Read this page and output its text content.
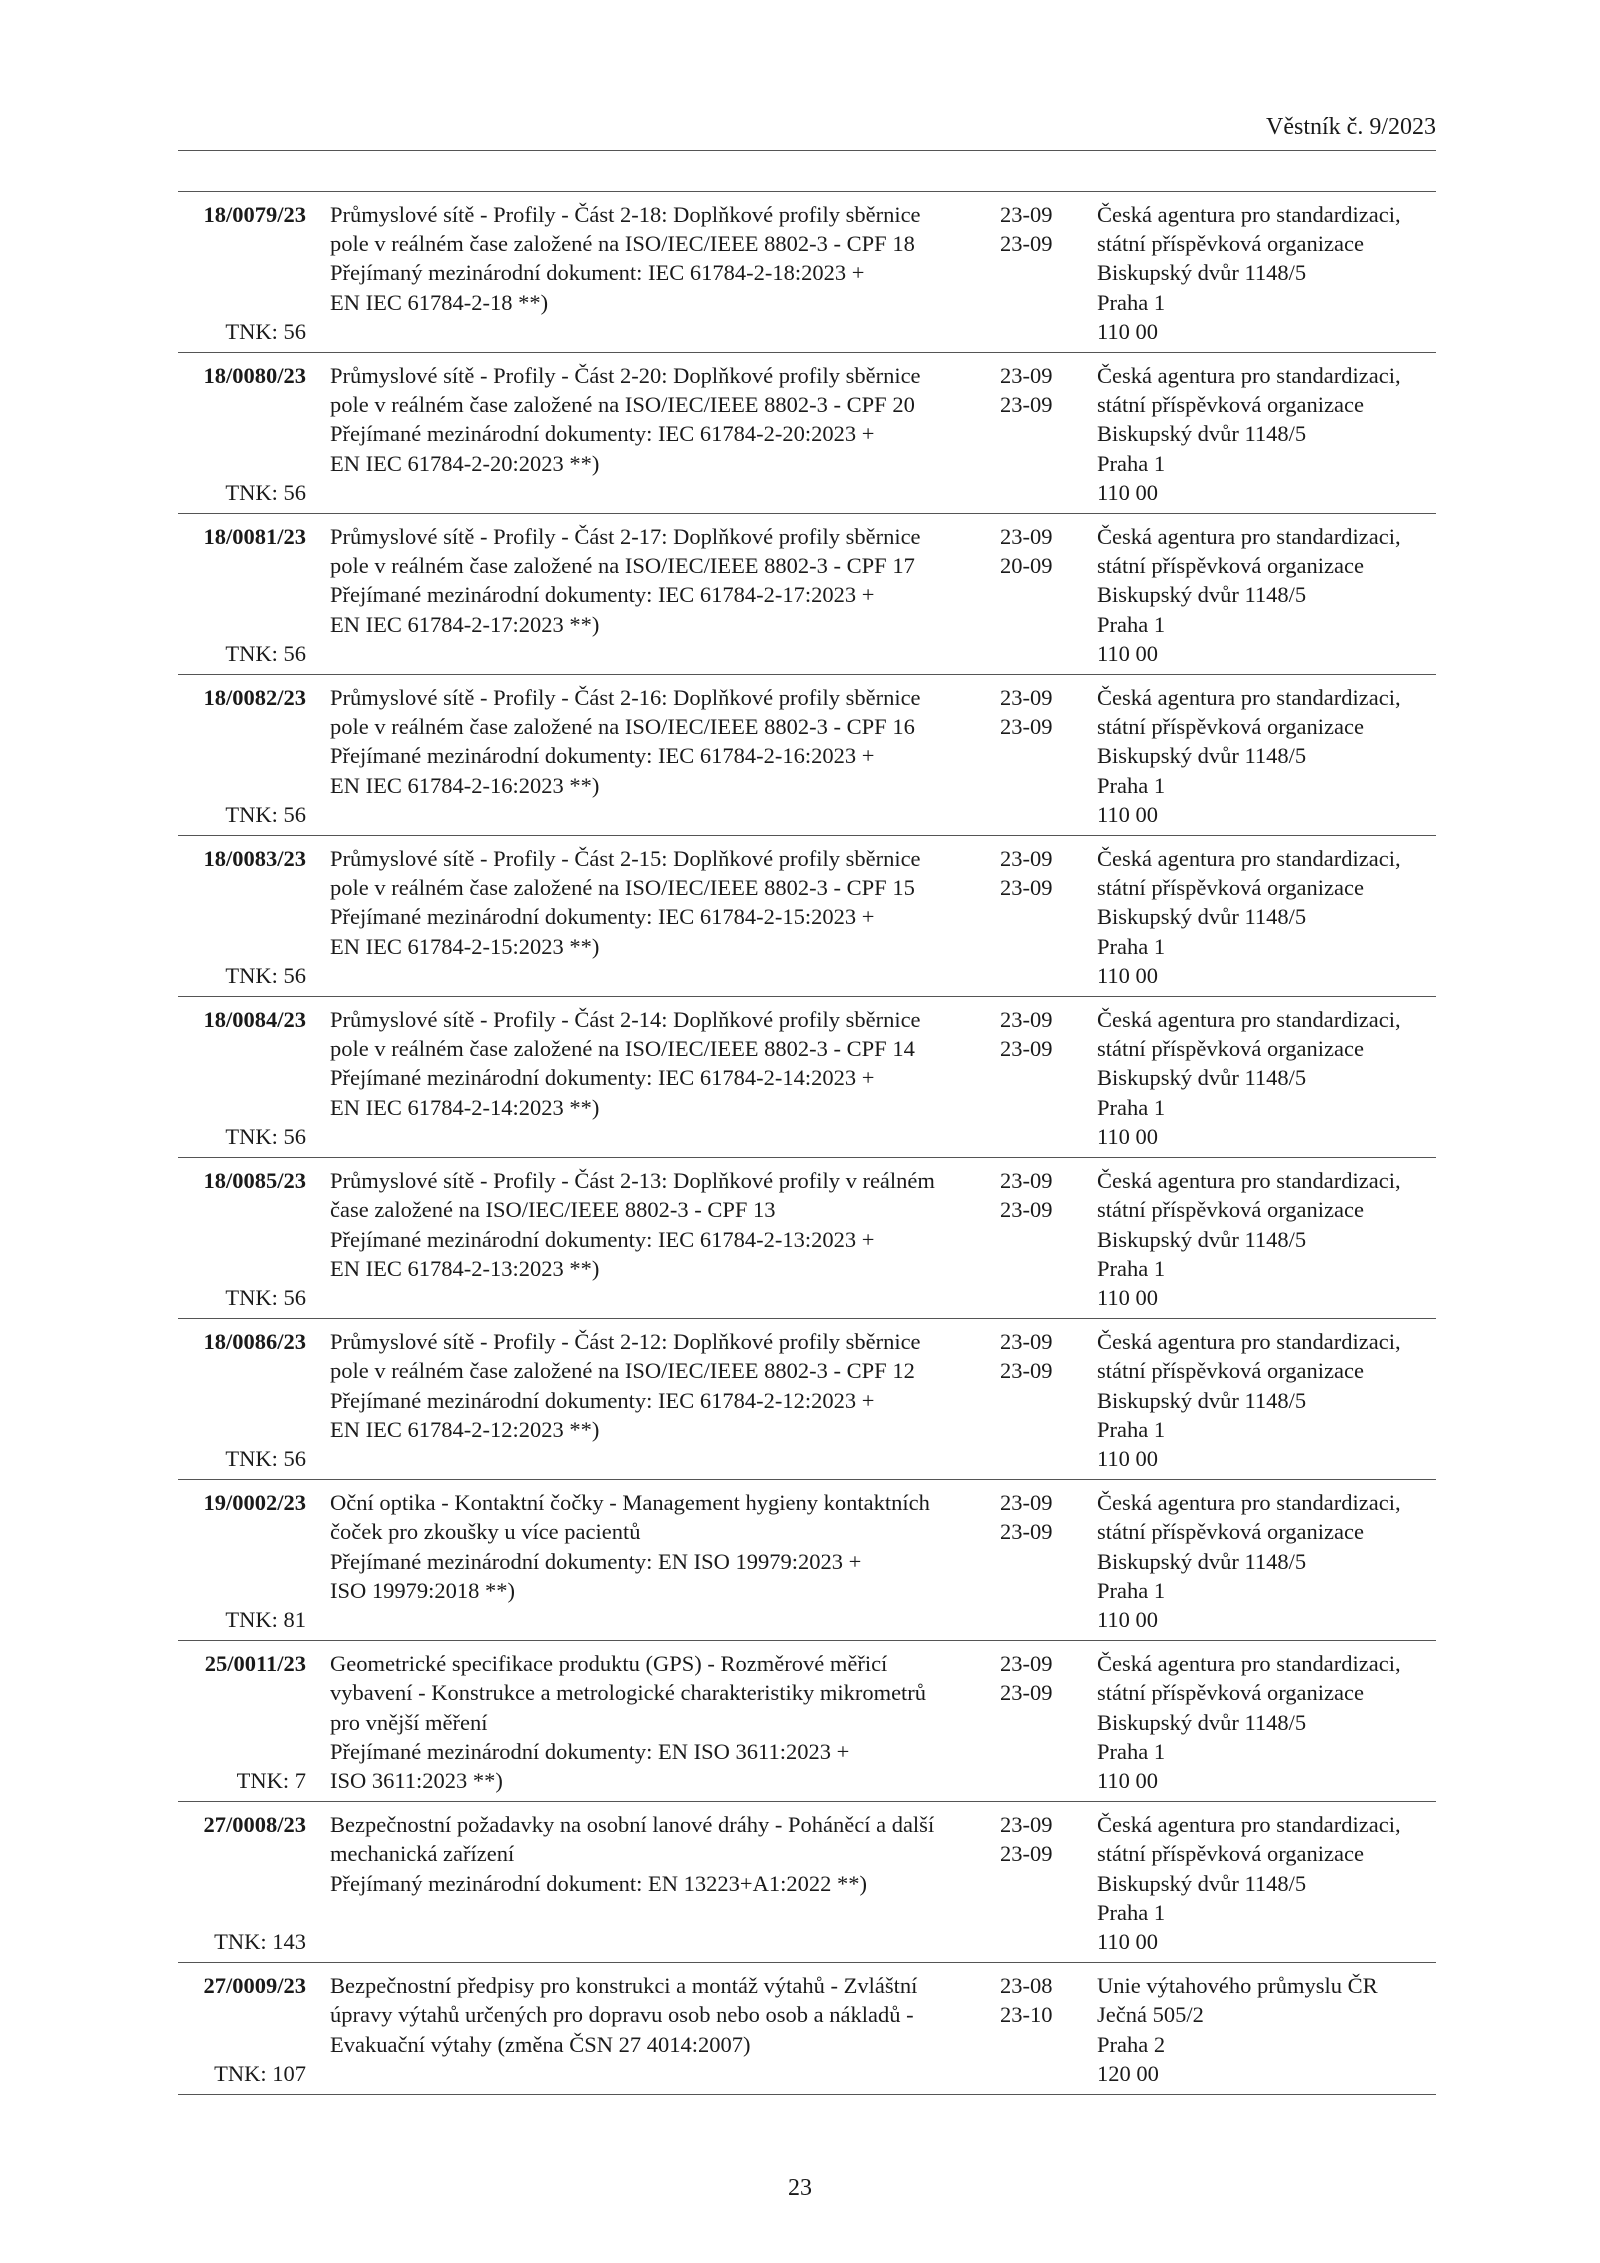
Věstník č. 9/2023
18/0079/23
TNK: 56
Průmyslové sítě - Profily - Část 2-18: Doplňkové profily sběrnice
pole v reálném čase založené na ISO/IEC/IEEE 8802-3 - CPF 18
Přejímaný mezinárodní dokument: IEC 61784-2-18:2023 +
EN IEC 61784-2-18 **)
23-09
23-09
Česká agentura pro standardizaci,
státní příspěvková organizace
Biskupský dvůr 1148/5
Praha 1
110 00
18/0080/23
TNK: 56
Průmyslové sítě - Profily - Část 2-20: Doplňkové profily sběrnice
pole v reálném čase založené na ISO/IEC/IEEE 8802-3 - CPF 20
Přejímané mezinárodní dokumenty: IEC 61784-2-20:2023 +
EN IEC 61784-2-20:2023 **)
23-09
23-09
Česká agentura pro standardizaci,
státní příspěvková organizace
Biskupský dvůr 1148/5
Praha 1
110 00
18/0081/23
TNK: 56
Průmyslové sítě - Profily - Část 2-17: Doplňkové profily sběrnice
pole v reálném čase založené na ISO/IEC/IEEE 8802-3 - CPF 17
Přejímané mezinárodní dokumenty: IEC 61784-2-17:2023 +
EN IEC 61784-2-17:2023 **)
23-09
20-09
Česká agentura pro standardizaci,
státní příspěvková organizace
Biskupský dvůr 1148/5
Praha 1
110 00
18/0082/23
TNK: 56
Průmyslové sítě - Profily - Část 2-16: Doplňkové profily sběrnice
pole v reálném čase založené na ISO/IEC/IEEE 8802-3 - CPF 16
Přejímané mezinárodní dokumenty: IEC 61784-2-16:2023 +
EN IEC 61784-2-16:2023 **)
23-09
23-09
Česká agentura pro standardizaci,
státní příspěvková organizace
Biskupský dvůr 1148/5
Praha 1
110 00
18/0083/23
TNK: 56
Průmyslové sítě - Profily - Část 2-15: Doplňkové profily sběrnice
pole v reálném čase založené na ISO/IEC/IEEE 8802-3 - CPF 15
Přejímané mezinárodní dokumenty: IEC 61784-2-15:2023 +
EN IEC 61784-2-15:2023 **)
23-09
23-09
Česká agentura pro standardizaci,
státní příspěvková organizace
Biskupský dvůr 1148/5
Praha 1
110 00
18/0084/23
TNK: 56
Průmyslové sítě - Profily - Část 2-14: Doplňkové profily sběrnice
pole v reálném čase založené na ISO/IEC/IEEE 8802-3 - CPF 14
Přejímané mezinárodní dokumenty: IEC 61784-2-14:2023 +
EN IEC 61784-2-14:2023 **)
23-09
23-09
Česká agentura pro standardizaci,
státní příspěvková organizace
Biskupský dvůr 1148/5
Praha 1
110 00
18/0085/23
TNK: 56
Průmyslové sítě - Profily - Část 2-13: Doplňkové profily v reálném
čase založené na ISO/IEC/IEEE 8802-3 - CPF 13
Přejímané mezinárodní dokumenty: IEC 61784-2-13:2023 +
EN IEC 61784-2-13:2023 **)
23-09
23-09
Česká agentura pro standardizaci,
státní příspěvková organizace
Biskupský dvůr 1148/5
Praha 1
110 00
18/0086/23
TNK: 56
Průmyslové sítě - Profily - Část 2-12: Doplňkové profily sběrnice
pole v reálném čase založené na ISO/IEC/IEEE 8802-3 - CPF 12
Přejímané mezinárodní dokumenty: IEC 61784-2-12:2023 +
EN IEC 61784-2-12:2023 **)
23-09
23-09
Česká agentura pro standardizaci,
státní příspěvková organizace
Biskupský dvůr 1148/5
Praha 1
110 00
19/0002/23
TNK: 81
Oční optika - Kontaktní čočky - Management hygieny kontaktních
čoček pro zkoušky u více pacientů
Přejímané mezinárodní dokumenty: EN ISO 19979:2023 +
ISO 19979:2018 **)
23-09
23-09
Česká agentura pro standardizaci,
státní příspěvková organizace
Biskupský dvůr 1148/5
Praha 1
110 00
25/0011/23
TNK: 7
Geometrické specifikace produktu (GPS) - Rozměrové měřicí
vybavení - Konstrukce a metrologické charakteristiky mikrometrů
pro vnější měření
Přejímané mezinárodní dokumenty: EN ISO 3611:2023 +
ISO 3611:2023 **)
23-09
23-09
Česká agentura pro standardizaci,
státní příspěvková organizace
Biskupský dvůr 1148/5
Praha 1
110 00
27/0008/23
TNK: 143
Bezpečnostní požadavky na osobní lanové dráhy - Poháněcí a další
mechanická zařízení
Přejímaný mezinárodní dokument: EN 13223+A1:2022 **)
23-09
23-09
Česká agentura pro standardizaci,
státní příspěvková organizace
Biskupský dvůr 1148/5
Praha 1
110 00
27/0009/23
TNK: 107
Bezpečnostní předpisy pro konstrukci a montáž výtahů - Zvláštní
úpravy výtahů určených pro dopravu osob nebo osob a nákladů -
Evakuační výtahy (změna ČSN 27 4014:2007)
23-08
23-10
Unie výtahového průmyslu ČR
Ječná 505/2
Praha 2
120 00
23
